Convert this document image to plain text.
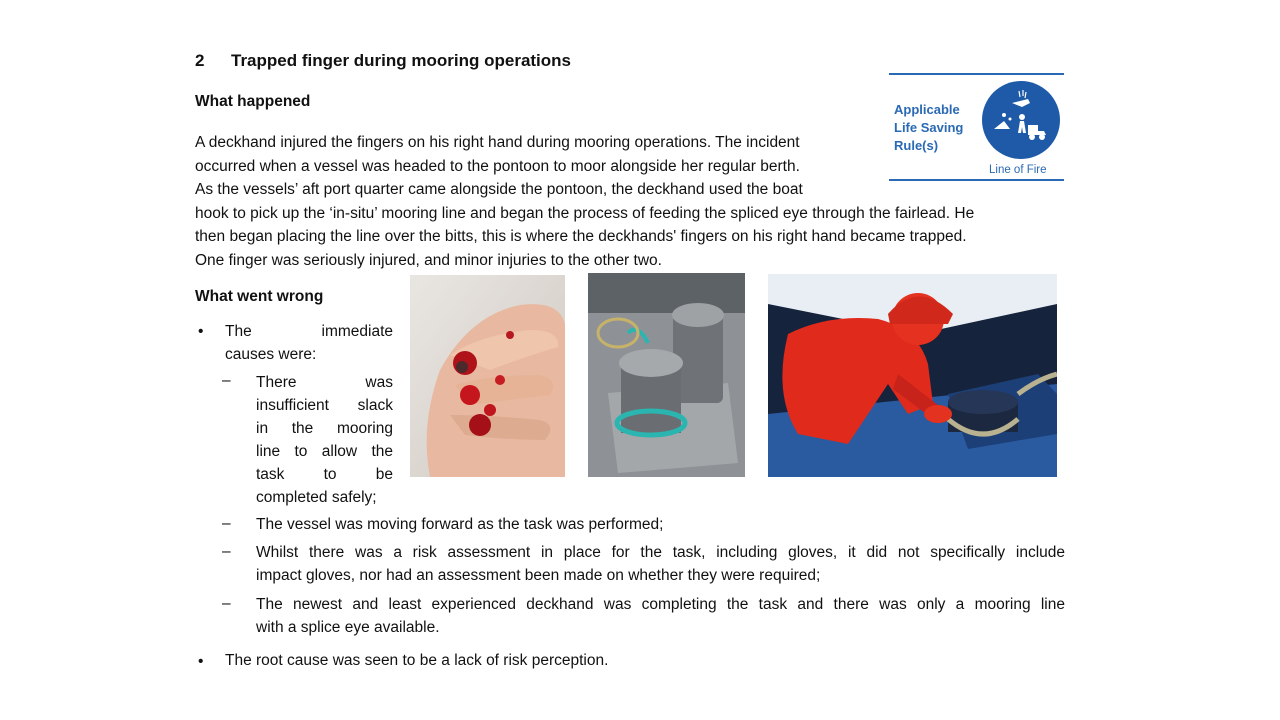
2 Trapped finger during mooring operations
What happened
A deckhand injured the fingers on his right hand during mooring operations. The incident
occurred when a vessel was headed to the pontoon to moor alongside her regular berth.
As the vessels’ aft port quarter came alongside the pontoon, the deckhand used the boat
hook to pick up the ‘in-situ’ mooring line and began the process of feeding the spliced eye through the fairlead. He
then began placing the line over the bitts, this is where the deckhands' fingers on his right hand became trapped.
One finger was seriously injured, and minor injuries to the other two.
Applicable
Life Saving
Rule(s)
Line of Fire
What went wrong
• The immediate
causes were:
– There was
insufficient slack
in the mooring
line to allow the
task to be
completed safely;
– The vessel was moving forward as the task was performed;
– Whilst there was a risk assessment in place for the task, including gloves, it did not specifically include
impact gloves, nor had an assessment been made on whether they were required;
– The newest and least experienced deckhand was completing the task and there was only a mooring line
with a splice eye available.
• The root cause was seen to be a lack of risk perception.
